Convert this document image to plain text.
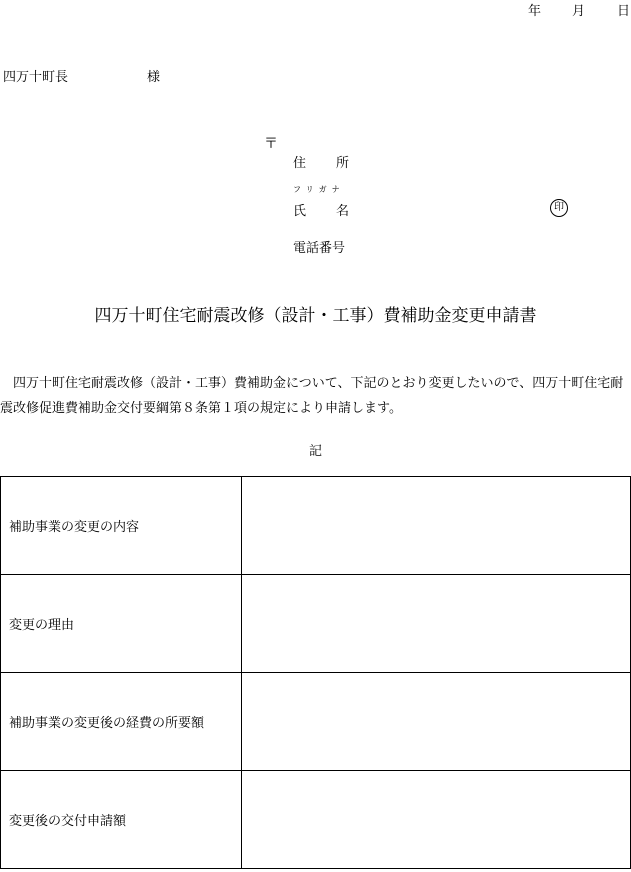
年 月 日
四万十町長	様
〒
住所
フリガナ
氏名	印
電話番号
四万十町住宅耐震改修（設計・工事）費補助金変更申請書
四万十町住宅耐震改修（設計・工事）費補助金について、下記のとおり変更したいので、四万十町住宅耐震改修促進費補助金交付要綱第８条第１項の規定により申請します。
記
補助事業の変更の内容	
変更の理由	
補助事業の変更後の経費の所要額	
変更後の交付申請額	
